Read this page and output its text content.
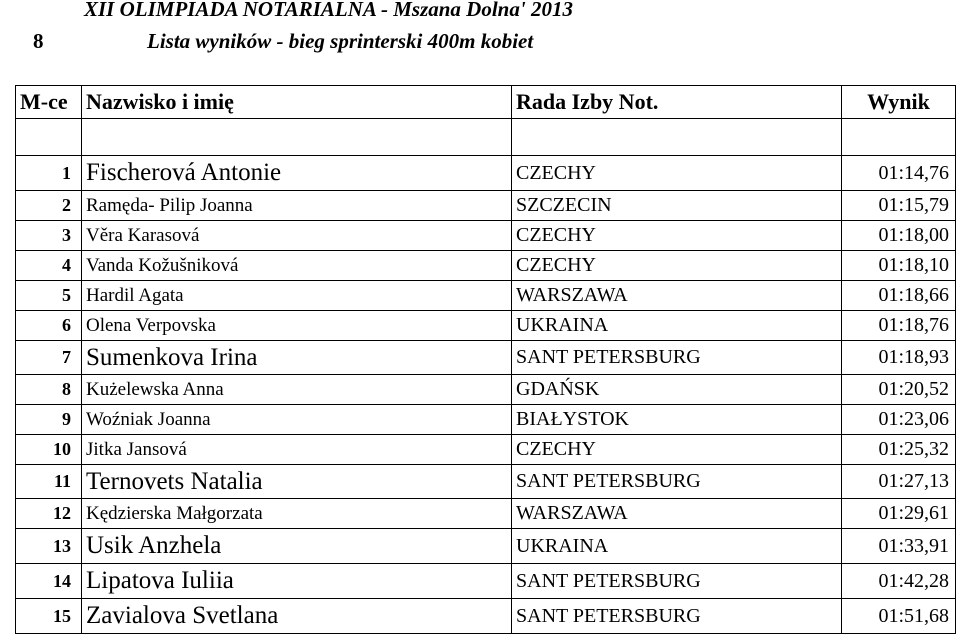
XII OLIMPIADA NOTARIALNA - Mszana Dolna' 2013
8	Lista wyników - bieg sprinterski 400m kobiet
M-ce	Nazwisko i imię	Rada Izby Not.	Wynik

1	Fischerová Antonie	CZECHY	01:14,76
2	Ramęda- Pilip Joanna	SZCZECIN	01:15,79
3	Věra Karasová	CZECHY	01:18,00
4	Vanda Kožušniková	CZECHY	01:18,10
5	Hardil Agata	WARSZAWA	01:18,66
6	Olena Verpovska	UKRAINA	01:18,76
7	Sumenkova Irina	SANT PETERSBURG	01:18,93
8	Kużelewska Anna	GDAŃSK	01:20,52
9	Woźniak Joanna	BIAŁYSTOK	01:23,06
10	Jitka Jansová	CZECHY	01:25,32
11	Ternovets Natalia	SANT PETERSBURG	01:27,13
12	Kędzierska Małgorzata	WARSZAWA	01:29,61
13	Usik Anzhela	UKRAINA	01:33,91
14	Lipatova Iuliia	SANT PETERSBURG	01:42,28
15	Zavialova Svetlana	SANT PETERSBURG	01:51,68
